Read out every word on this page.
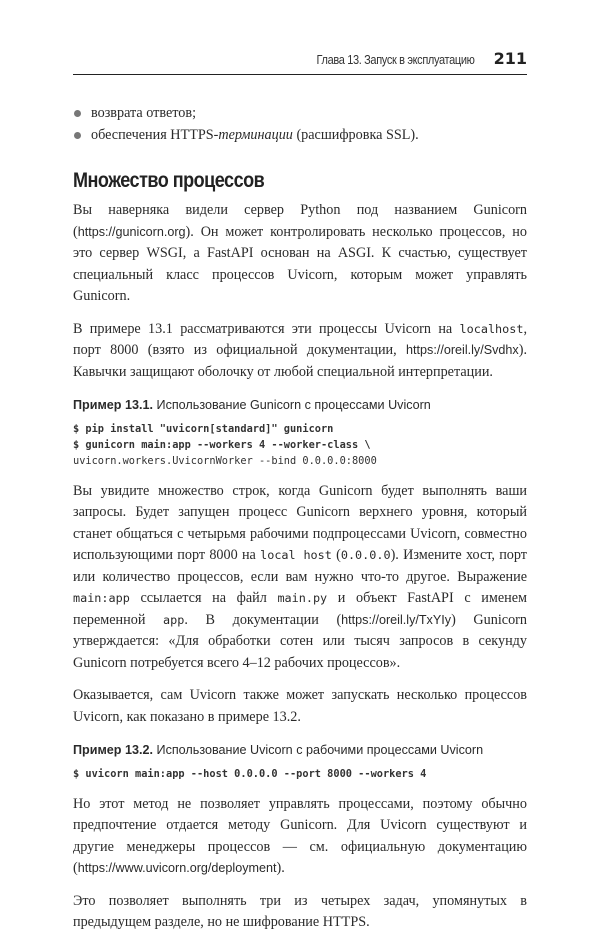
Глава 13. Запуск в эксплуатацию 211
возврата ответов;
обеспечения HTTPS-терминации (расшифровка SSL).
Множество процессов

Вы наверняка видели сервер Python под названием Gunicorn (https://gunicorn.org). Он может контролировать несколько процессов, но это сервер WSGI, а FastAPI основан на ASGI. К счастью, существует специальный класс процессов Uvicorn, которым может управлять Gunicorn.

В примере 13.1 рассматриваются эти процессы Uvicorn на localhost, порт 8000 (взято из официальной документации, https://oreil.ly/Svdhx). Кавычки защищают оболочку от любой специальной интерпретации.

Пример 13.1. Использование Gunicorn с процессами Uvicorn
$ pip install "uvicorn[standard]" gunicorn
$ gunicorn main:app --workers 4 --worker-class \
uvicorn.workers.UvicornWorker --bind 0.0.0.0:8000

Вы увидите множество строк, когда Gunicorn будет выполнять ваши запросы. Будет запущен процесс Gunicorn верхнего уровня, который станет общаться с четырьмя рабочими подпроцессами Uvicorn, совместно использующими порт 8000 на local host (0.0.0.0). Измените хост, порт или количество процессов, если вам нужно что-то другое. Выражение main:app ссылается на файл main.py и объект FastAPI с именем переменной app. В документации (https://oreil.ly/TxYIy) Gunicorn утверждается: «Для обработки сотен или тысяч запросов в секунду Gunicorn потребуется всего 4–12 рабочих процессов».

Оказывается, сам Uvicorn также может запускать несколько процессов Uvicorn, как показано в примере 13.2.

Пример 13.2. Использование Uvicorn с рабочими процессами Uvicorn
$ uvicorn main:app --host 0.0.0.0 --port 8000 --workers 4

Но этот метод не позволяет управлять процессами, поэтому обычно предпочтение отдается методу Gunicorn. Для Uvicorn существуют и другие менеджеры процессов — см. официальную документацию (https://www.uvicorn.org/deployment).

Это позволяет выполнять три из четырех задач, упомянутых в предыдущем разделе, но не шифрование HTTPS.
